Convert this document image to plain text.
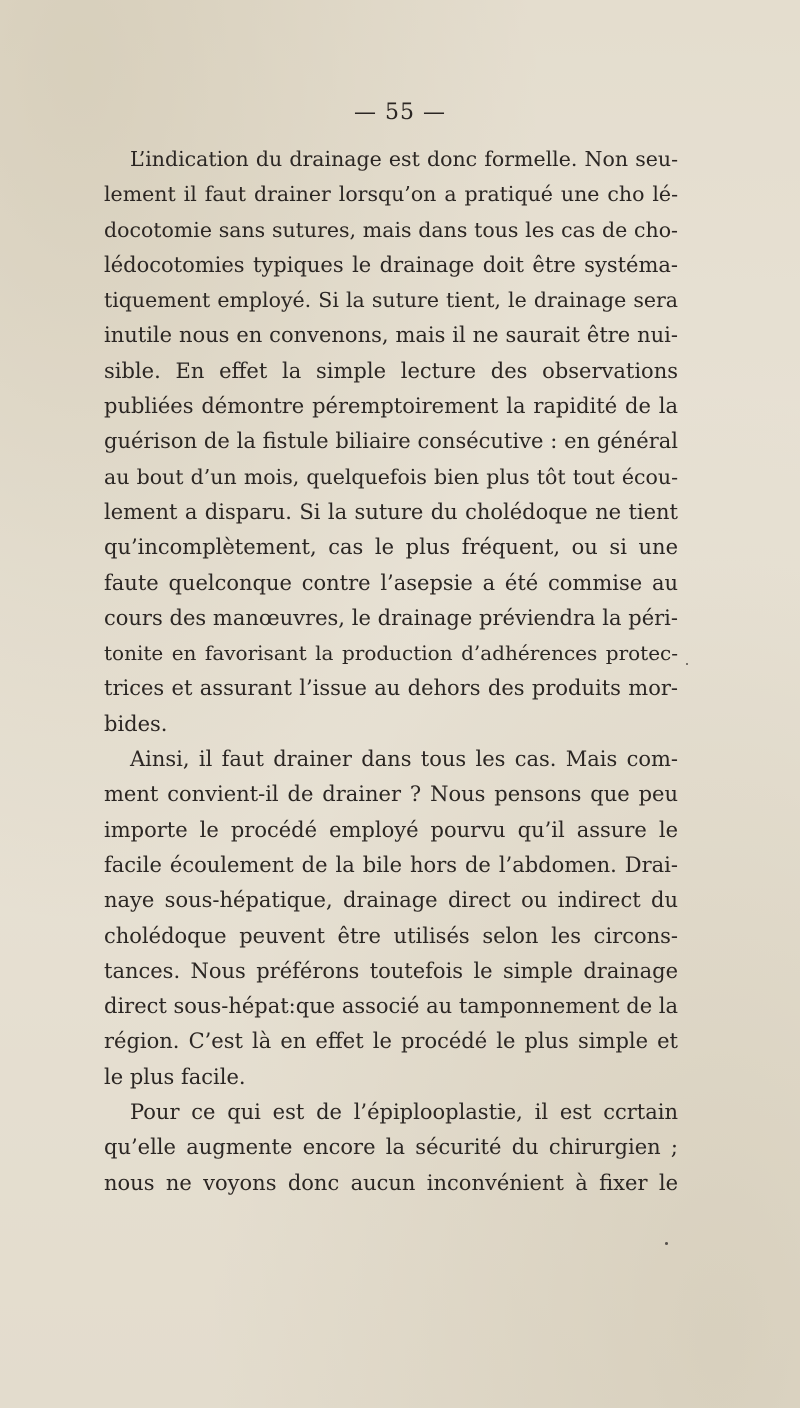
— 55 —
L’indication du drainage est donc formelle. Non seu-
lement il faut drainer lorsqu’on a pratiqué une cho lé-
docotomie sans sutures, mais dans tous les cas de cho-
lédocotomies typiques le drainage doit être systéma-
tiquement employé. Si la suture tient, le drainage sera
inutile nous en convenons, mais il ne saurait être nui-
sible. En effet la simple lecture des observations
publiées démontre péremptoirement la rapidité de la
guérison de la fistule biliaire consécutive : en général
au bout d’un mois, quelquefois bien plus tôt tout écou-
lement a disparu. Si la suture du cholédoque ne tient
qu’incomplètement, cas le plus fréquent, ou si une
faute quelconque contre l’asepsie a été commise au
cours des manœuvres, le drainage préviendra la péri-
tonite en favorisant la production d’adhérences protec-
trices et assurant l’issue au dehors des produits mor-
bides.
Ainsi, il faut drainer dans tous les cas. Mais com-
ment convient-il de drainer ? Nous pensons que peu
importe le procédé employé pourvu qu’il assure le
facile écoulement de la bile hors de l’abdomen. Drai-
naye sous-hépatique, drainage direct ou indirect du
cholédoque peuvent être utilisés selon les circons-
tances. Nous préférons toutefois le simple drainage
direct sous-hépat:que associé au tamponnement de la
région. C’est là en effet le procédé le plus simple et
le plus facile.
Pour ce qui est de l’épiplooplastie, il est ccrtain
qu’elle augmente encore la sécurité du chirurgien ;
nous ne voyons donc aucun inconvénient à fixer le
